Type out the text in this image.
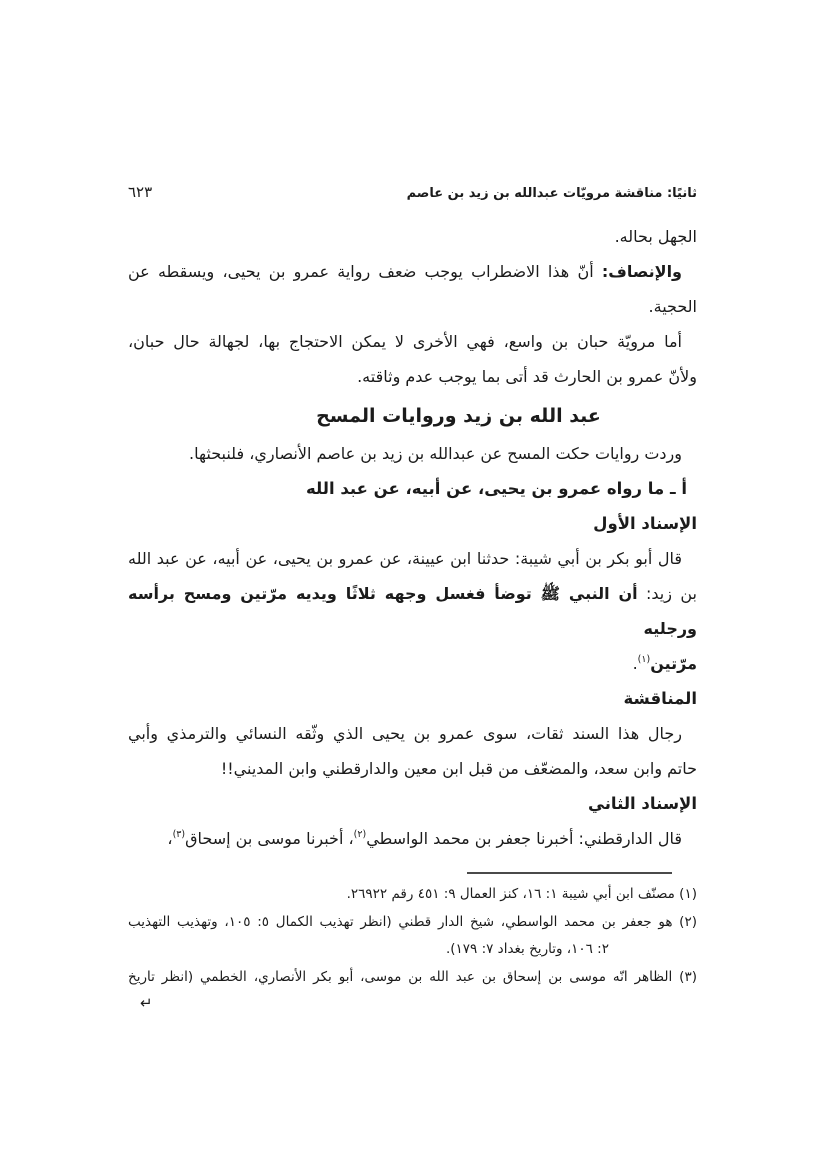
ثانيًا: مناقشة مرويّات عبدالله بن زيد بن عاصم
٦٢٣
الجهل بحاله.
والإنصاف: أنّ هذا الاضطراب يوجب ضعف رواية عمرو بن يحيى، ويسقطه عن
الحجية.
أما مرويّة حبان بن واسع، فهي الأخرى لا يمكن الاحتجاج بها، لجهالة حال حبان،
ولأنّ عمرو بن الحارث قد أتى بما يوجب عدم وثاقته.
عبد الله بن زيد وروايات المسح
وردت روايات حكت المسح عن عبدالله بن زيد بن عاصم الأنصاري، فلنبحثها.
أ ـ ما رواه عمرو بن يحيى، عن أبيه، عن عبد الله
الإسناد الأول
قال أبو بكر بن أبي شيبة: حدثنا ابن عيينة، عن عمرو بن يحيى، عن أبيه، عن عبد الله
بن زيد: أن النبي ﷺ توضأ فغسل وجهه ثلاثًا ويديه مرّتين ومسح برأسه ورجليه
مرّتين$^{(١)}$.
المناقشة
رجال هذا السند ثقات، سوى عمرو بن يحيى الذي وثّقه النسائي والترمذي وأبي
حاتم وابن سعد، والمضعّف من قبل ابن معين والدارقطني وابن المديني!!
الإسناد الثاني
قال الدارقطني: أخبرنا جعفر بن محمد الواسطي$^{(٢)}$، أخبرنا موسى بن إسحاق$^{(٣)}$،
(١) مصنّف ابن أبي شيبة ١: ١٦، كنز العمال ٩: ٤٥١ رقم ٢٦٩٢٢.
(٢) هو جعفر بن محمد الواسطي، شيخ الدار قطني (انظر تهذيب الكمال ٥: ١٠٥، وتهذيب التهذيب
٢: ١٠٦، وتاريخ بغداد ٧: ١٧٩).
(٣) الظاهر انّه موسى بن إسحاق بن عبد الله بن موسى، أبو بكر الأنصاري، الخطمي (انظر تاريخ
↵
